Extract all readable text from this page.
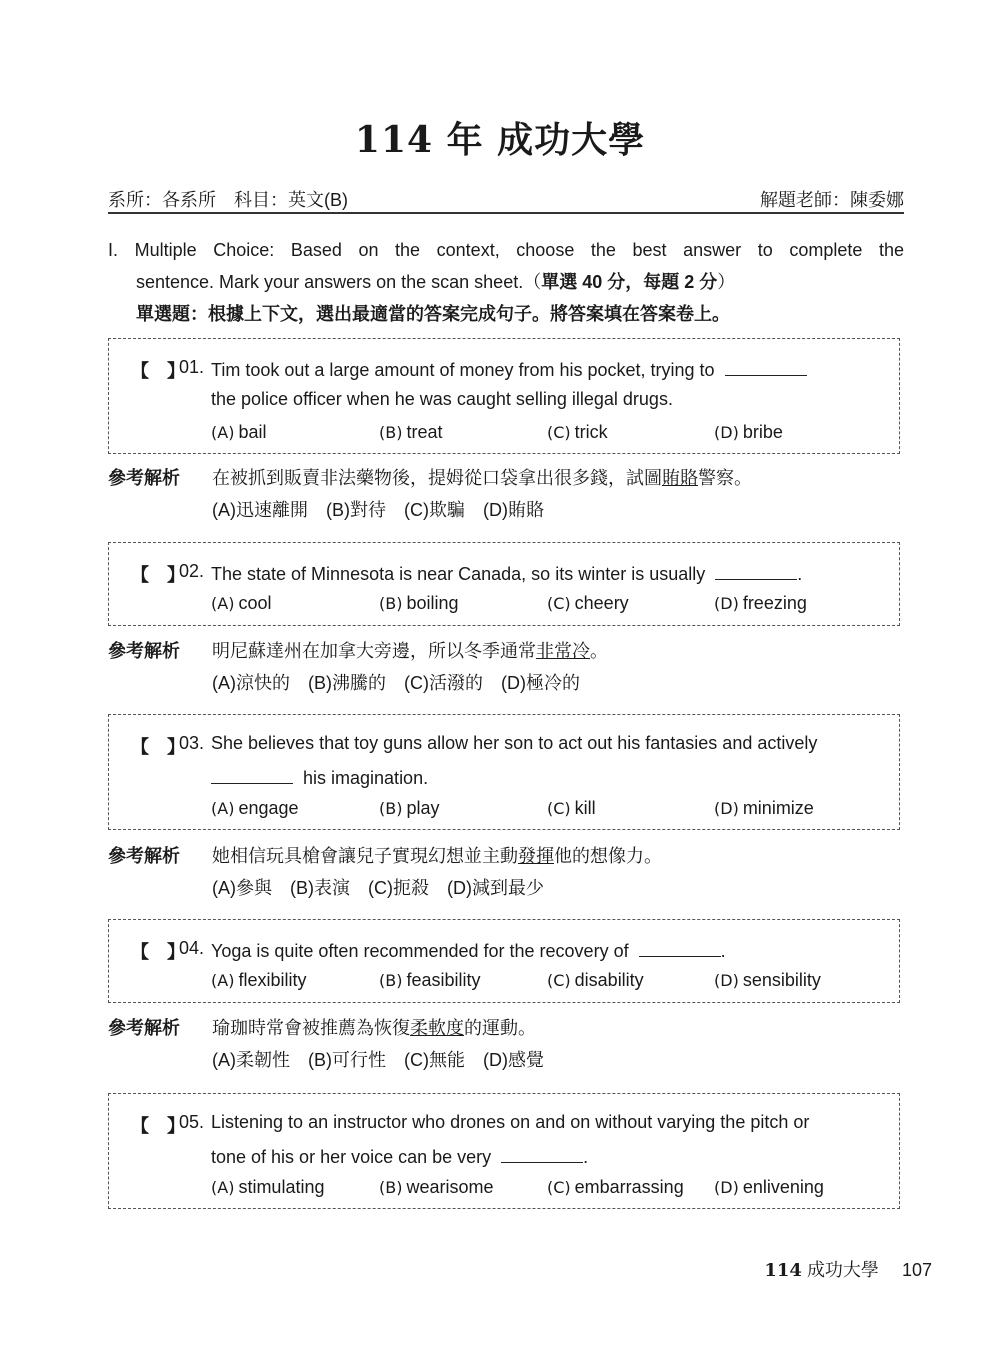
114 年 成功大學
系所：各系所 科目：英文(B)	解題老師：陳委娜
I. Multiple Choice: Based on the context, choose the best answer to complete the
sentence. Mark your answers on the scan sheet.（單選 40 分，每題 2 分）
單選題：根據上下文，選出最適當的答案完成句子。將答案填在答案卷上。
【　】
01. Tim took out a large amount of money from his pocket, trying to
the police officer when he was caught selling illegal drugs.
(A) bail	(B) treat	(C) trick	(D) bribe
參考解析 在被抓到販賣非法藥物後，提姆從口袋拿出很多錢，試圖賄賂警察。
(A)迅速離開 (B)對待 (C)欺騙 (D)賄賂
【　】
02. The state of Minnesota is near Canada, so its winter is usually	.
(A) cool	(B) boiling	(C) cheery	(D) freezing
參考解析 明尼蘇達州在加拿大旁邊，所以冬季通常非常冷。
(A)涼快的 (B)沸騰的 (C)活潑的 (D)極冷的
【　】
03. She believes that toy guns allow her son to act out his fantasies and actively
his imagination.
(A) engage	(B) play	(C) kill	(D) minimize
參考解析 她相信玩具槍會讓兒子實現幻想並主動發揮他的想像力。
(A)參與 (B)表演 (C)扼殺 (D)減到最少
【　】
04. Yoga is quite often recommended for the recovery of	.
(A) flexibility	(B) feasibility	(C) disability	(D) sensibility
參考解析 瑜珈時常會被推薦為恢復柔軟度的運動。
(A)柔韌性 (B)可行性 (C)無能 (D)感覺
【　】
05. Listening to an instructor who drones on and on without varying the pitch or
tone of his or her voice can be very	.
(A) stimulating	(B) wearisome	(C) embarrassing (D) enlivening
114 成功大學 107
